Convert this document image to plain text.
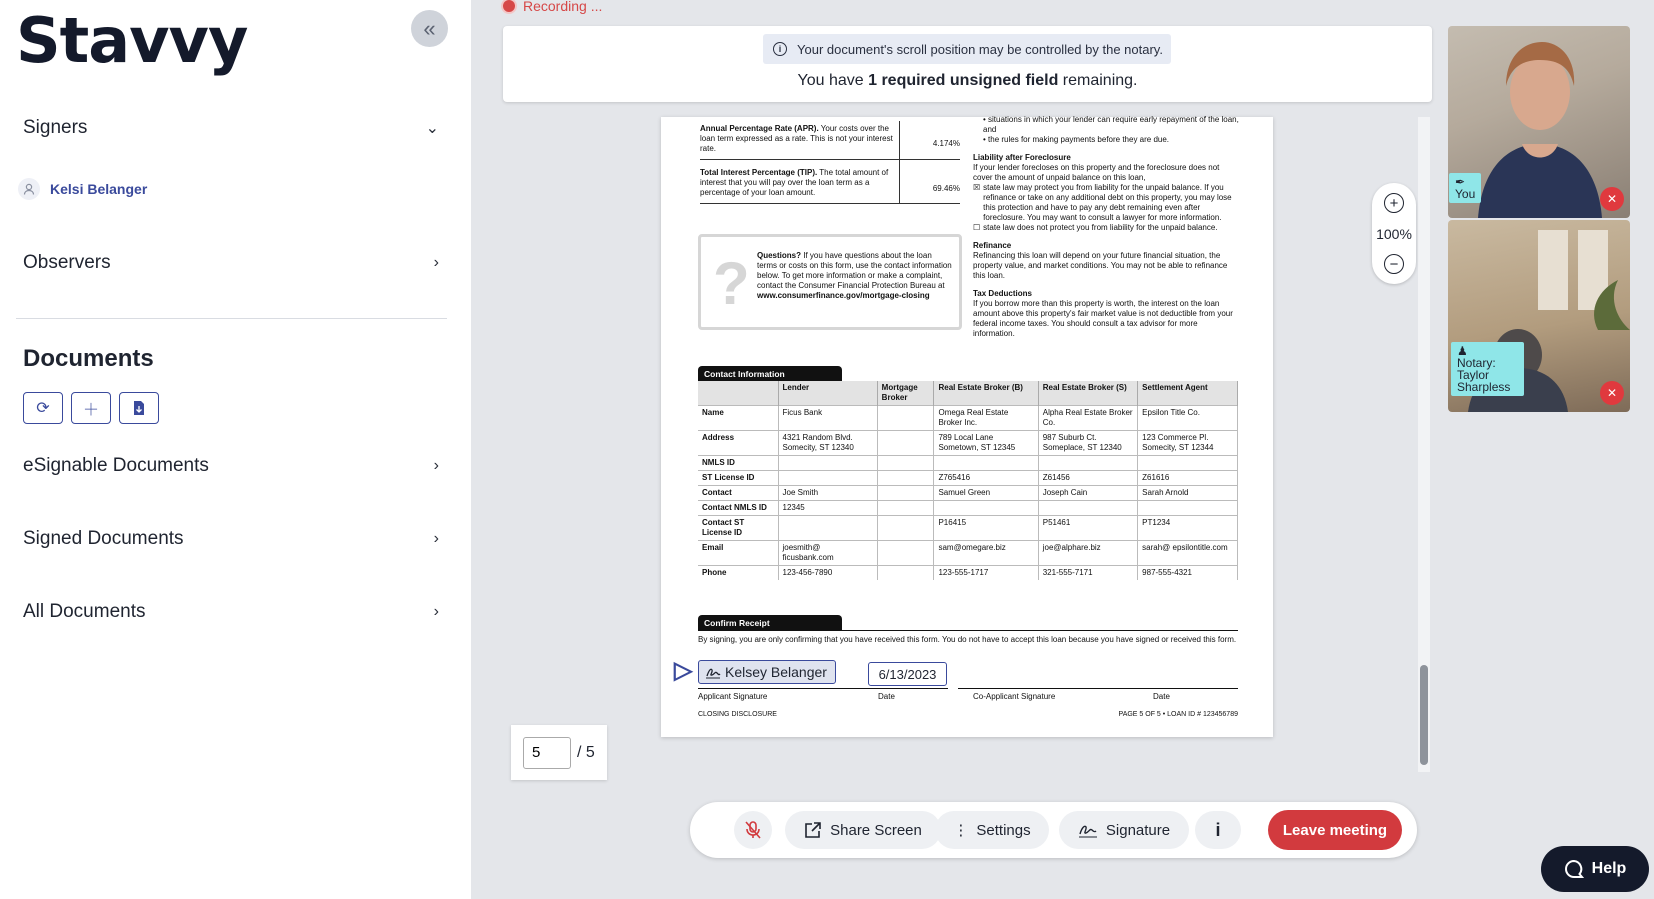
Stavvy	«
Signers	⌄
Kelsi Belanger
Observers	›
Documents
⟳ ＋
eSignable Documents	›
Signed Documents	›
All Documents	›
Recording ...
i	Your document's scroll position may be controlled by the notary.
You have 1 required unsigned field remaining.
Annual Percentage Rate (APR). Your costs over the loan term expressed as a rate. This is not your interest rate.
4.174%
Total Interest Percentage (TIP). The total amount of interest that you will pay over the loan term as a percentage of your loan amount.	69.46%
? Questions? If you have questions about the loan terms or costs on this form, use the contact information below. To get more information or make a complaint, contact the Consumer Financial Protection Bureau at
www.consumerfinance.gov/mortgage-closing
• situations in which your lender can require early repayment of the loan, and
• the rules for making payments before they are due.
Liability after Foreclosure
If your lender forecloses on this property and the foreclosure does not cover the amount of unpaid balance on this loan,
☒ state law may protect you from liability for the unpaid balance. If you refinance or take on any additional debt on this property, you may lose this protection and have to pay any debt remaining even after foreclosure. You may want to consult a lawyer for more information.
☐ state law does not protect you from liability for the unpaid balance.
Refinance
Refinancing this loan will depend on your future financial situation, the property value, and market conditions. You may not be able to refinance this loan.
Tax Deductions
If you borrow more than this property is worth, the interest on the loan amount above this property's fair market value is not deductible from your federal income taxes. You should consult a tax advisor for more information.
Contact Information
	Lender	Mortgage Broker	Real Estate Broker (B)	Real Estate Broker (S)	Settlement Agent
Name	Ficus Bank		Omega Real Estate Broker Inc.	Alpha Real Estate Broker Co.	Epsilon Title Co.
Address	4321 Random Blvd. Somecity, ST 12340		789 Local Lane Sometown, ST 12345	987 Suburb Ct. Someplace, ST 12340	123 Commerce Pl. Somecity, ST 12344
NMLS ID					
ST License ID			Z765416	Z61456	Z61616
Contact	Joe Smith		Samuel Green	Joseph Cain	Sarah Arnold
Contact NMLS ID	12345				
Contact ST License ID			P16415	P51461	PT1234
Email	joesmith@ ficusbank.com		sam@omegare.biz	joe@alphare.biz	sarah@ epsilontitle.com
Phone	123-456-7890		123-555-1717	321-555-7171	987-555-4321
Confirm Receipt
By signing, you are only confirming that you have received this form. You do not have to accept this loan because you have signed or received this form.
▷ Kelsey Belanger	6/13/2023
Applicant Signature	Date	Co-Applicant Signature	Date
CLOSING DISCLOSURE	PAGE 5 OF 5 • LOAN ID # 123456789
+
100%
−
5
/ 5
✒
You	✕
♟
Notary: Taylor Sharpless	✕
Share Screen ⋮ Settings	Signature	i	Leave meeting
Help
